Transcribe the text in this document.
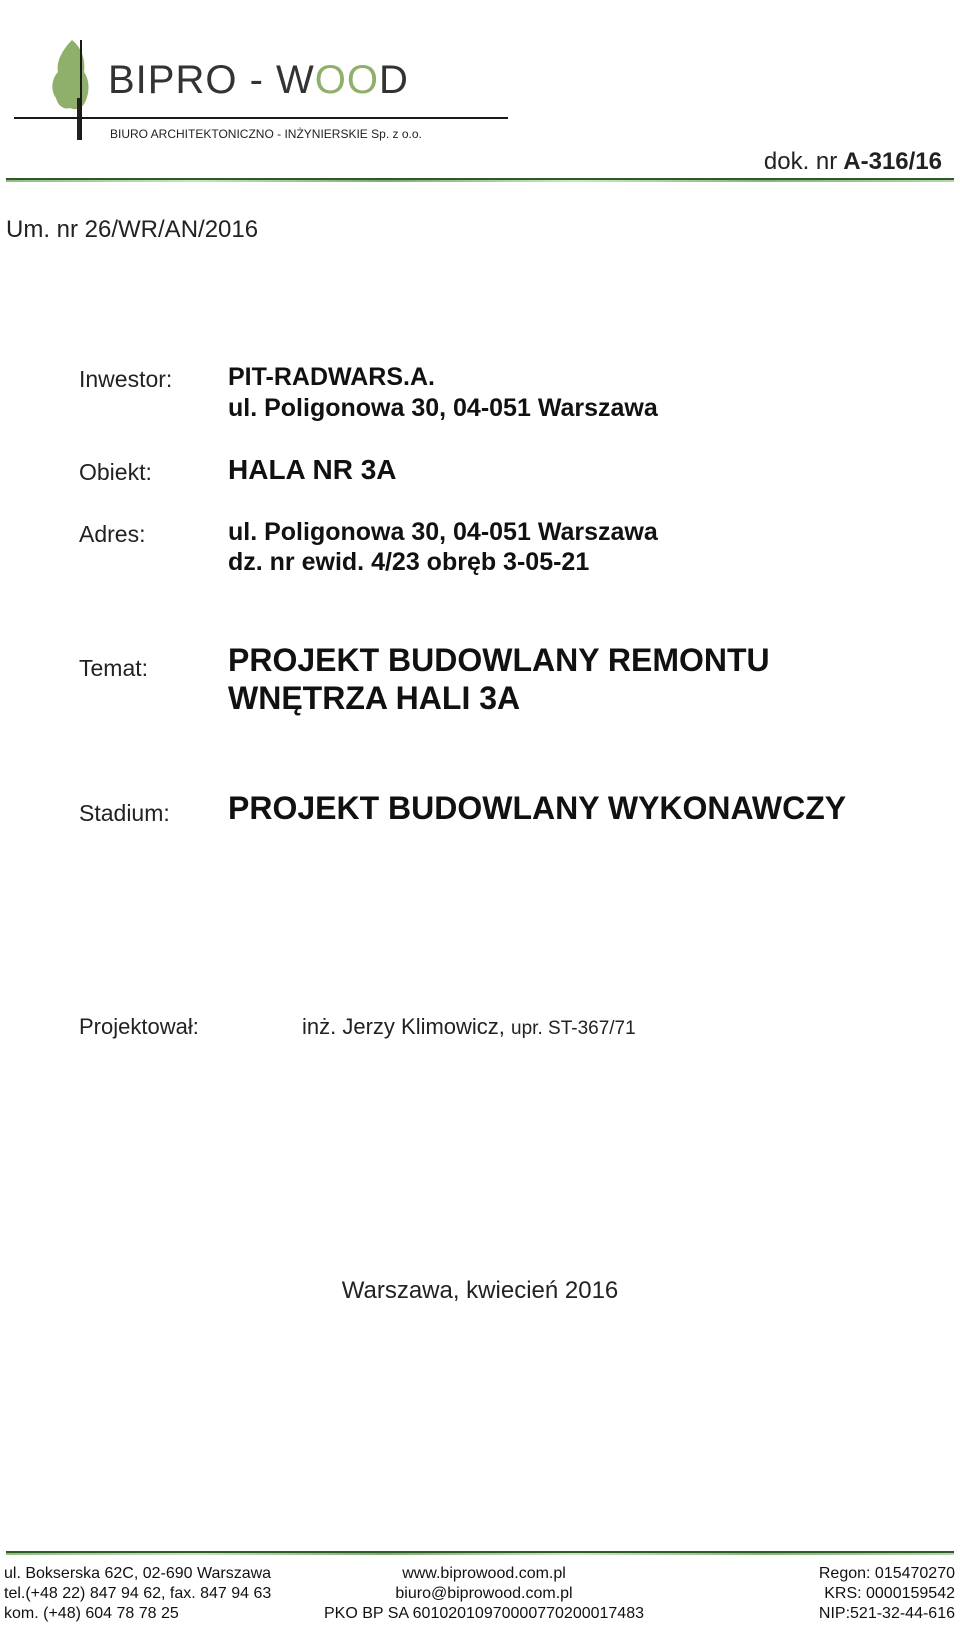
BIPRO - WOOD
BIURO ARCHITEKTONICZNO - INŻYNIERSKIE Sp. z o.o.
dok. nr A-316/16
Um. nr 26/WR/AN/2016
Inwestor: PIT-RADWARS.A.
ul. Poligonowa 30, 04-051 Warszawa
Obiekt:	HALA NR 3A
Adres:	ul. Poligonowa 30, 04-051 Warszawa
dz. nr ewid. 4/23 obręb 3-05-21
Temat: PROJEKT BUDOWLANY REMONTU
WNĘTRZA HALI 3A
Stadium: PROJEKT BUDOWLANY WYKONAWCZY
Projektował:	inż. Jerzy Klimowicz, upr. ST-367/71
Warszawa, kwiecień 2016
ul. Bokserska 62C, 02-690 Warszawa	www.biprowood.com.pl	Regon: 015470270
tel.(+48 22) 847 94 62, fax. 847 94 63	biuro@biprowood.com.pl	KRS: 0000159542
kom. (+48) 604 78 78 25	PKO BP SA 60102010970000770200017483	NIP:521-32-44-616
